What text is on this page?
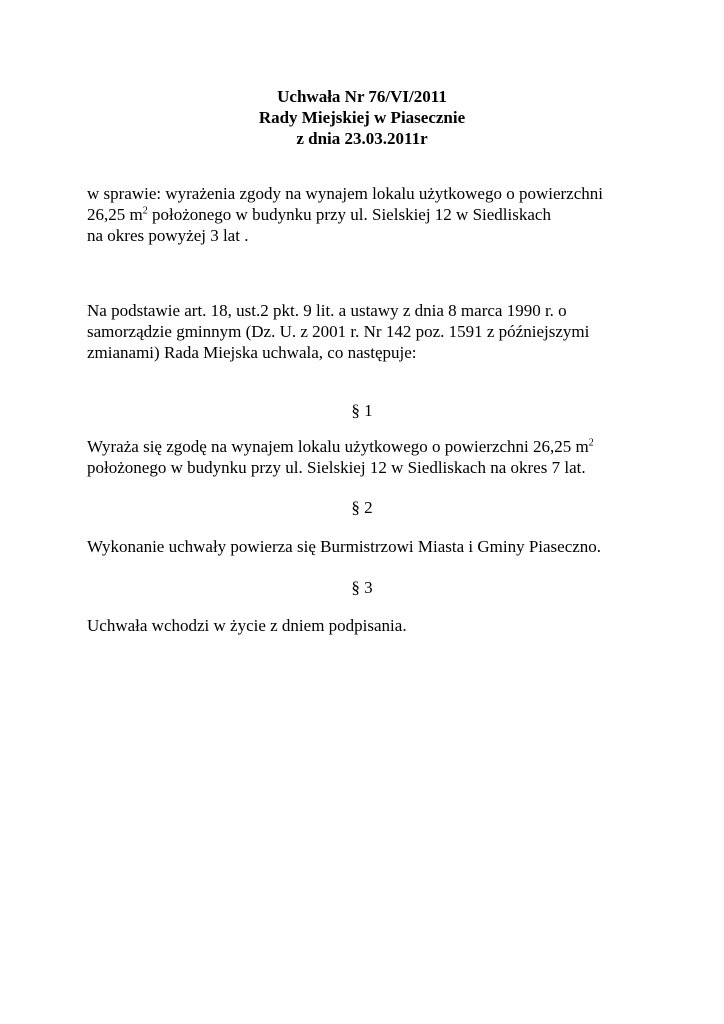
Uchwała Nr 76/VI/2011
Rady Miejskiej w Piasecznie
z dnia 23.03.2011r
w sprawie: wyrażenia zgody na wynajem lokalu użytkowego o powierzchni
26,25 $m^2$ położonego w budynku przy ul. Sielskiej 12 w Siedliskach
na okres powyżej 3 lat .
Na podstawie art. 18, ust.2 pkt. 9 lit. a ustawy z dnia 8 marca 1990 r. o
samorządzie gminnym (Dz. U. z 2001 r. Nr 142 poz. 1591 z późniejszymi
zmianami) Rada Miejska uchwala, co następuje:
§ 1
Wyraża się zgodę na wynajem lokalu użytkowego o powierzchni 26,25 $m^2$
położonego w budynku przy ul. Sielskiej 12 w Siedliskach na okres 7 lat.
§ 2
Wykonanie uchwały powierza się Burmistrzowi Miasta i Gminy Piaseczno.
§ 3
Uchwała wchodzi w życie z dniem podpisania.
